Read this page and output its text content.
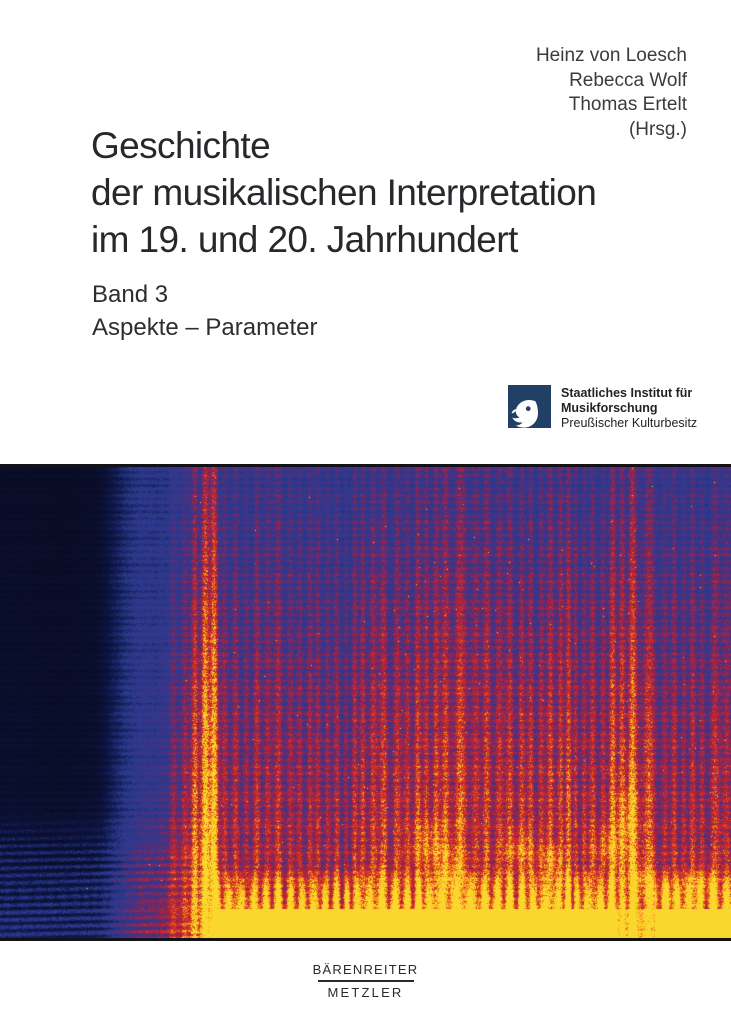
Heinz von Loesch
Rebecca Wolf
Thomas Ertelt
(Hrsg.)
Geschichte
der musikalischen Interpretation
im 19. und 20. Jahrhundert
Band 3
Aspekte – Parameter
Staatliches Institut für
Musikforschung
Preußischer Kulturbesitz
BÄRENREITER
METZLER
